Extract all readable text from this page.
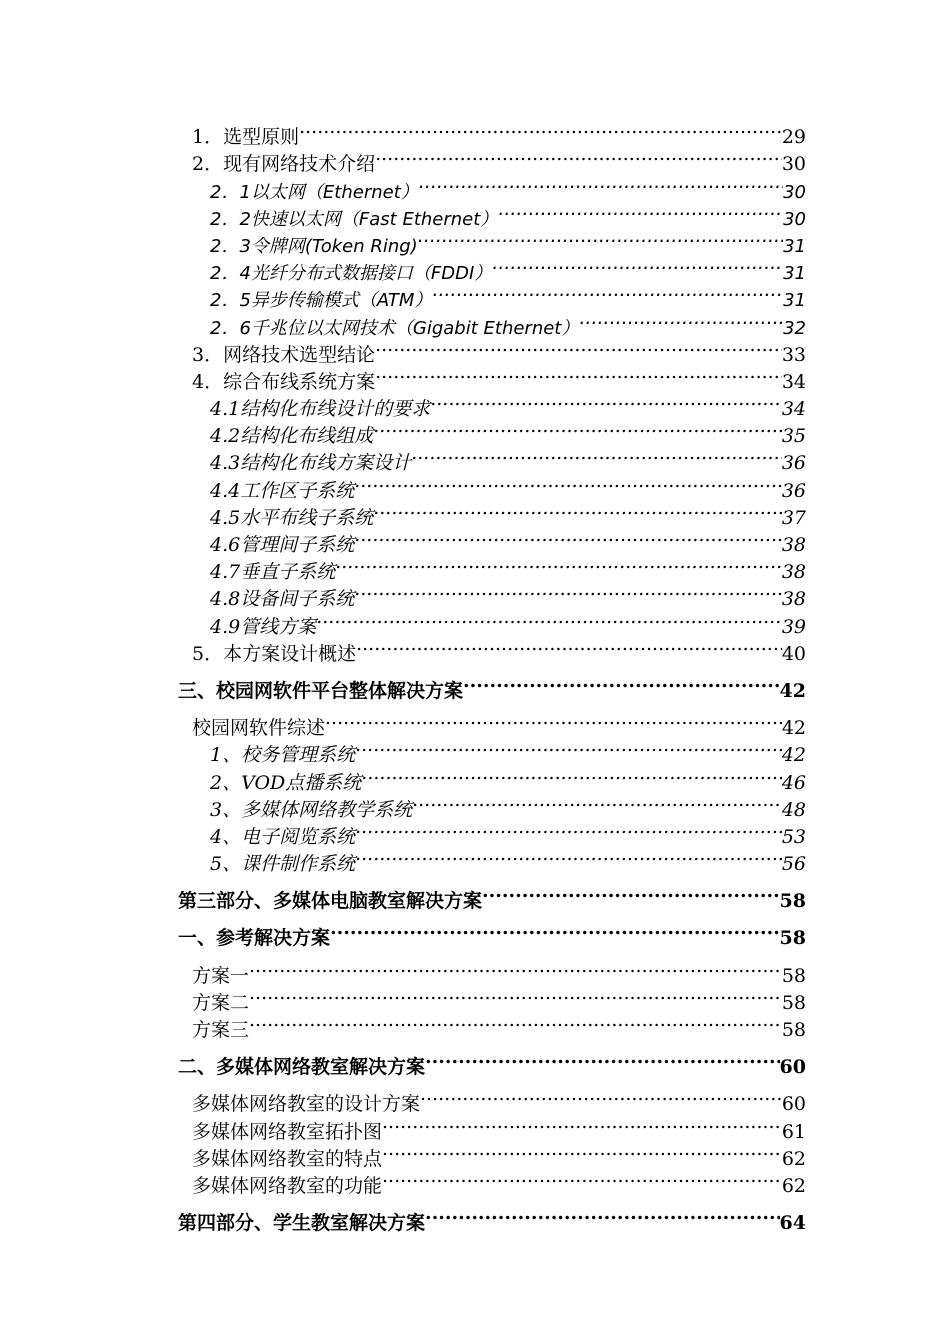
1．选型原则 .....	29
2．现有网络技术介绍 .....	30
2．1以太网（Ethernet） .....	30
2．2快速以太网（Fast Ethernet） .....	30
2．3令牌网(Token Ring) .....	31
2．4光纤分布式数据接口（FDDI） .....	31
2．5异步传输模式（ATM） .....	31
2．6千兆位以太网技术（Gigabit Ethernet） .....	32
3．网络技术选型结论 .....	33
4．综合布线系统方案 .....	34
4.1结构化布线设计的要求 .....	34
4.2结构化布线组成 .....	35
4.3结构化布线方案设计 .....	36
4.4工作区子系统 .....	36
4.5水平布线子系统 .....	37
4.6管理间子系统 .....	38
4.7垂直子系统 .....	38
4.8设备间子系统 .....	38
4.9管线方案 .....	39
5．本方案设计概述 .....	40
三、校园网软件平台整体解决方案 .....	42
校园网软件综述 .....	42
1、校务管理系统 .....	42
2、VOD点播系统 .....	46
3、多媒体网络教学系统 .....	48
4、电子阅览系统 .....	53
5、课件制作系统 .....	56
第三部分、多媒体电脑教室解决方案 .....	58
一、参考解决方案 .....	58
方案一 .....	58
方案二 .....	58
方案三 .....	58
二、多媒体网络教室解决方案 .....	60
多媒体网络教室的设计方案 .....	60
多媒体网络教室拓扑图 .....	61
多媒体网络教室的特点 .....	62
多媒体网络教室的功能 .....	62
第四部分、学生教室解决方案 .....	64
